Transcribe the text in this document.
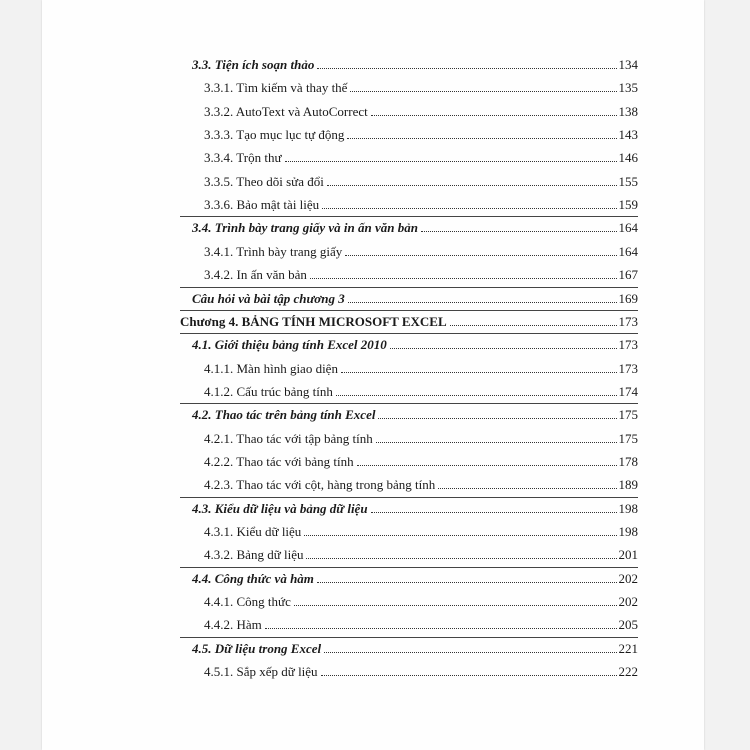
3.3. Tiện ích soạn thảo	134
3.3.1. Tìm kiếm và thay thế	135
3.3.2. AutoText và AutoCorrect	138
3.3.3. Tạo mục lục tự động	143
3.3.4. Trộn thư	146
3.3.5. Theo dõi sửa đổi	155
3.3.6. Bảo mật tài liệu	159
3.4. Trình bày trang giấy và in ấn văn bản	164
3.4.1. Trình bày trang giấy	164
3.4.2. In ấn văn bản	167
Câu hỏi và bài tập chương 3	169
Chương 4. BẢNG TÍNH MICROSOFT EXCEL	173
4.1. Giới thiệu bảng tính Excel 2010	173
4.1.1. Màn hình giao diện	173
4.1.2. Cấu trúc bảng tính	174
4.2. Thao tác trên bảng tính Excel	175
4.2.1. Thao tác với tập bảng tính	175
4.2.2. Thao tác với bảng tính	178
4.2.3. Thao tác với cột, hàng trong bảng tính	189
4.3. Kiểu dữ liệu và bảng dữ liệu	198
4.3.1. Kiểu dữ liệu	198
4.3.2. Bảng dữ liệu	201
4.4. Công thức và hàm	202
4.4.1. Công thức	202
4.4.2. Hàm	205
4.5. Dữ liệu trong Excel	221
4.5.1. Sắp xếp dữ liệu	222
